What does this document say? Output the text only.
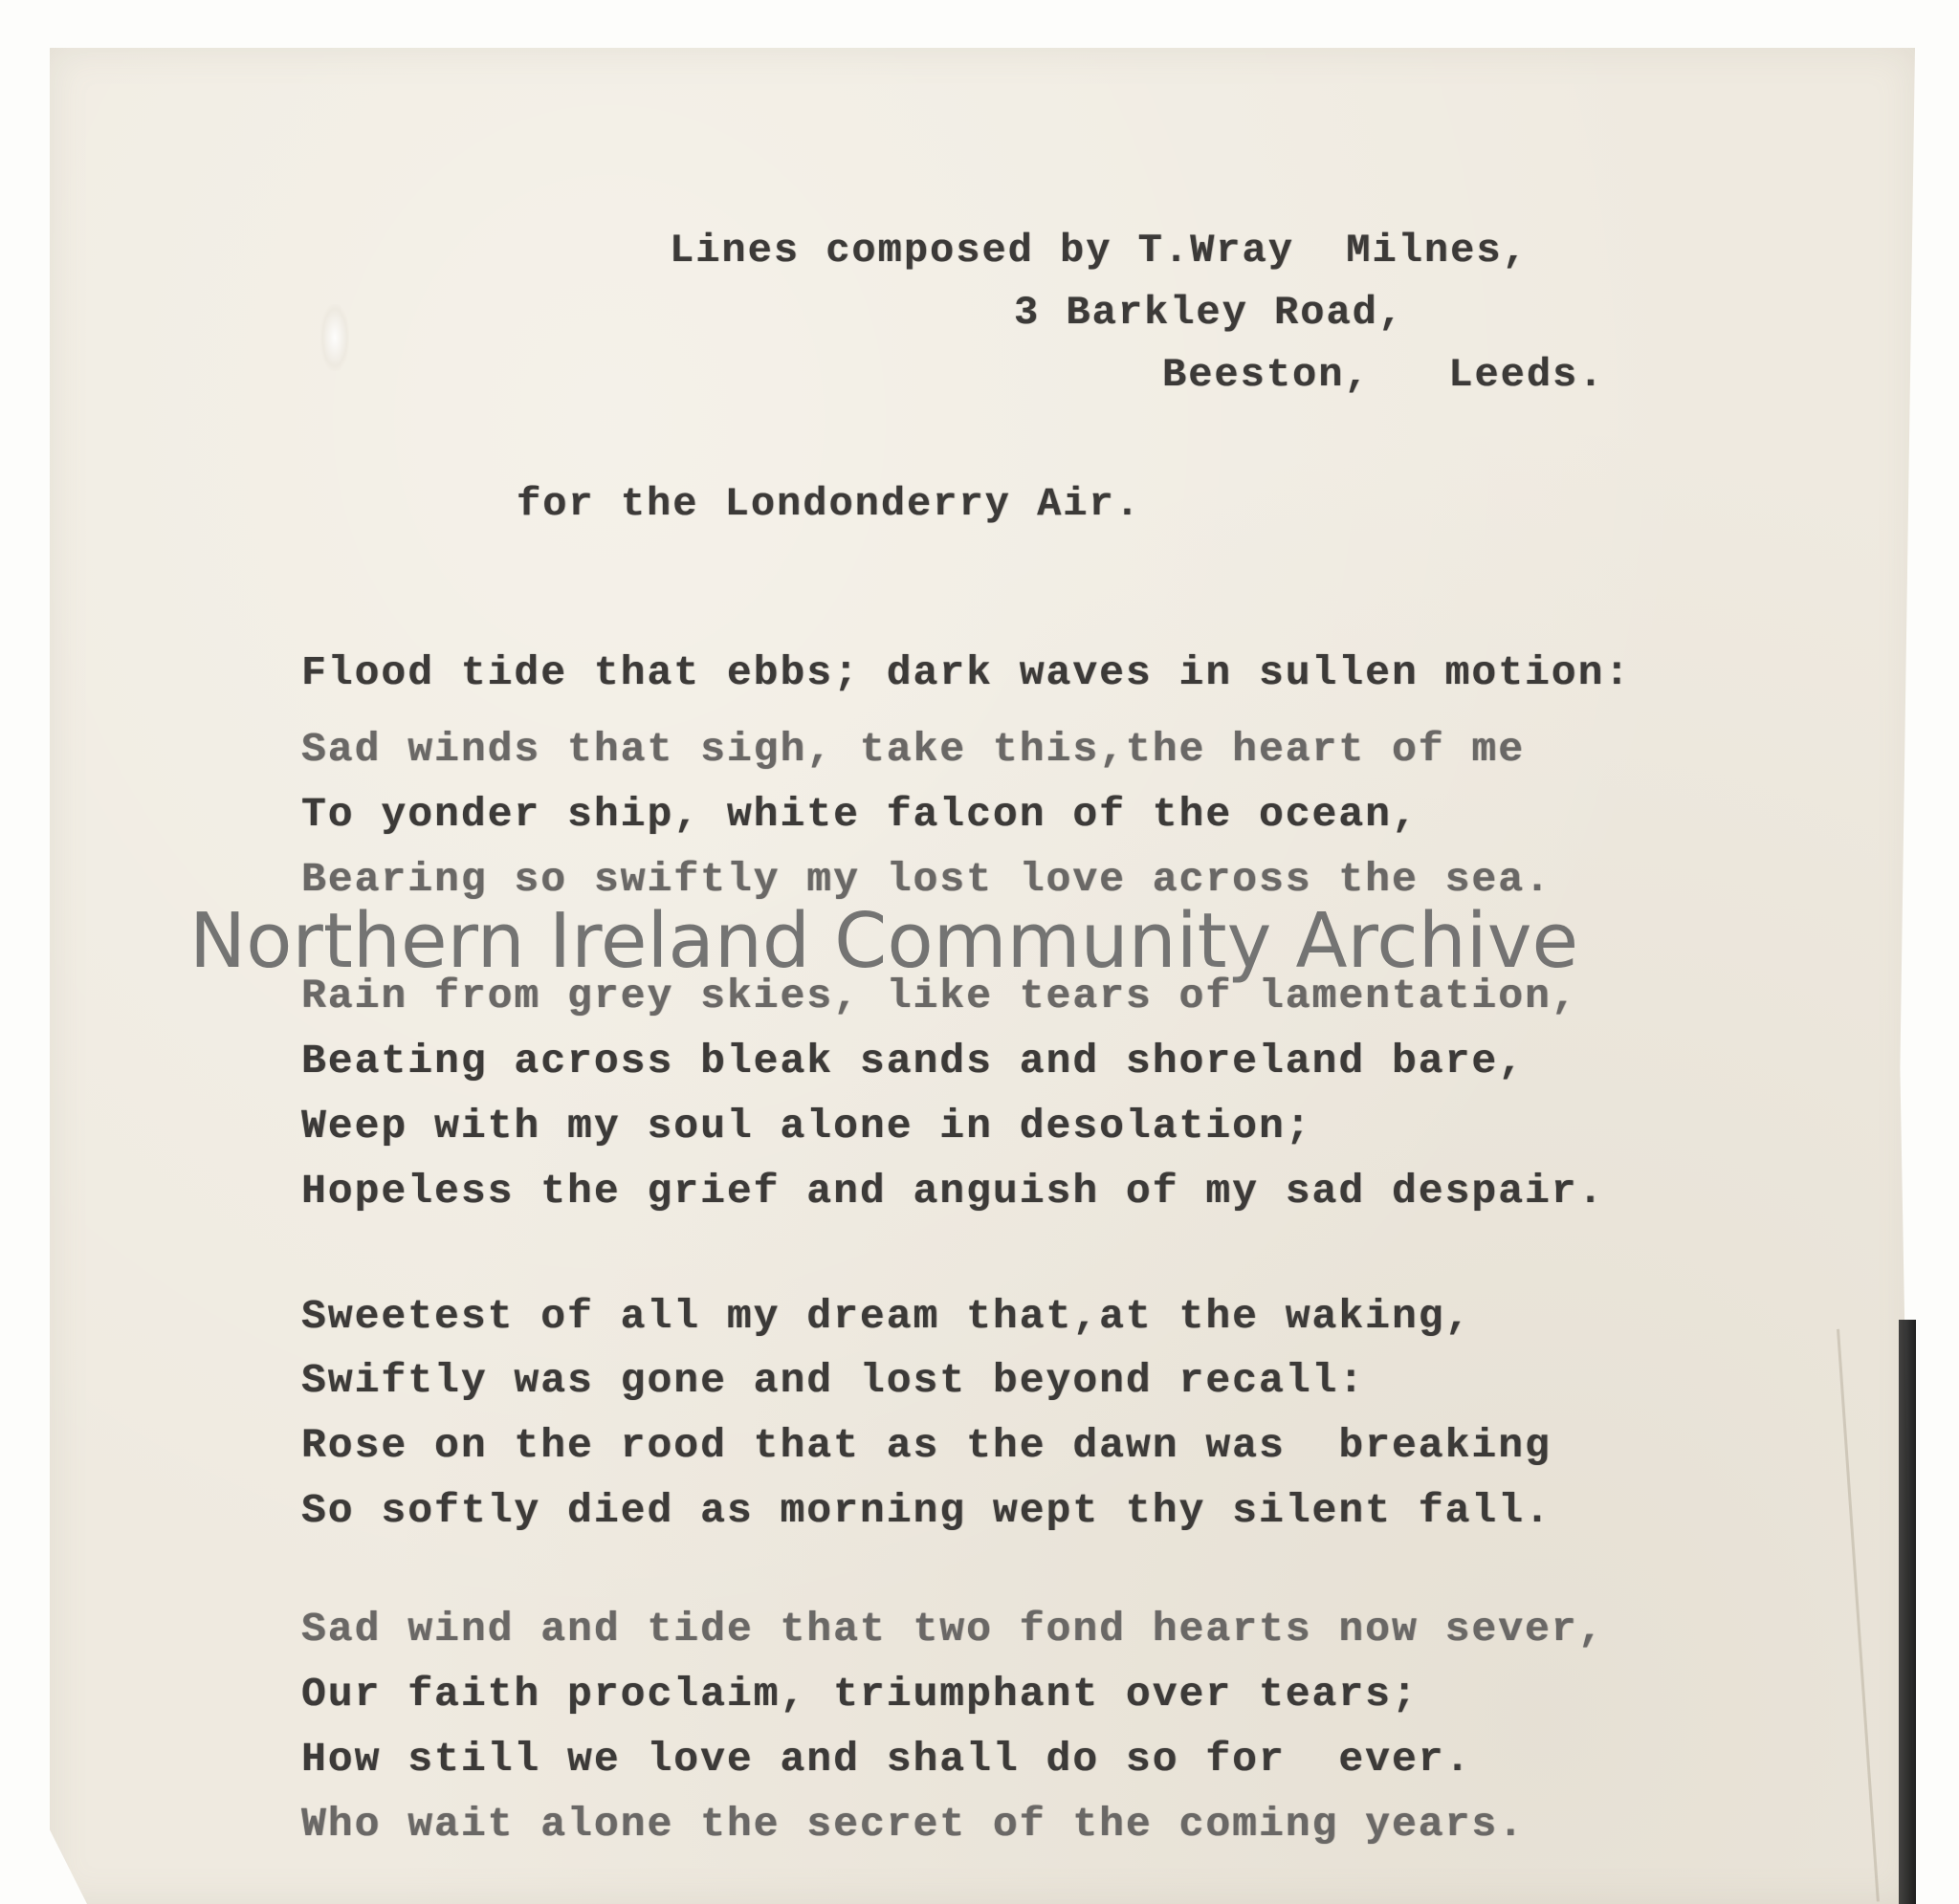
Lines composed by T.Wray  Milnes,
3 Barkley Road,
Beeston,   Leeds.
for the Londonderry Air.
Flood tide that ebbs; dark waves in sullen motion:
Sad winds that sigh, take this,the heart of me
To yonder ship, white falcon of the ocean,
Bearing so swiftly my lost love across the sea.
Rain from grey skies, like tears of lamentation,
Beating across bleak sands and shoreland bare,
Weep with my soul alone in desolation;
Hopeless the grief and anguish of my sad despair.
Sweetest of all my dream that,at the waking,
Swiftly was gone and lost beyond recall:
Rose on the rood that as the dawn was  breaking
So softly died as morning wept thy silent fall.
Sad wind and tide that two fond hearts now sever,
Our faith proclaim, triumphant over tears;
How still we love and shall do so for  ever.
Who wait alone the secret of the coming years.
Northern Ireland Community Archive
